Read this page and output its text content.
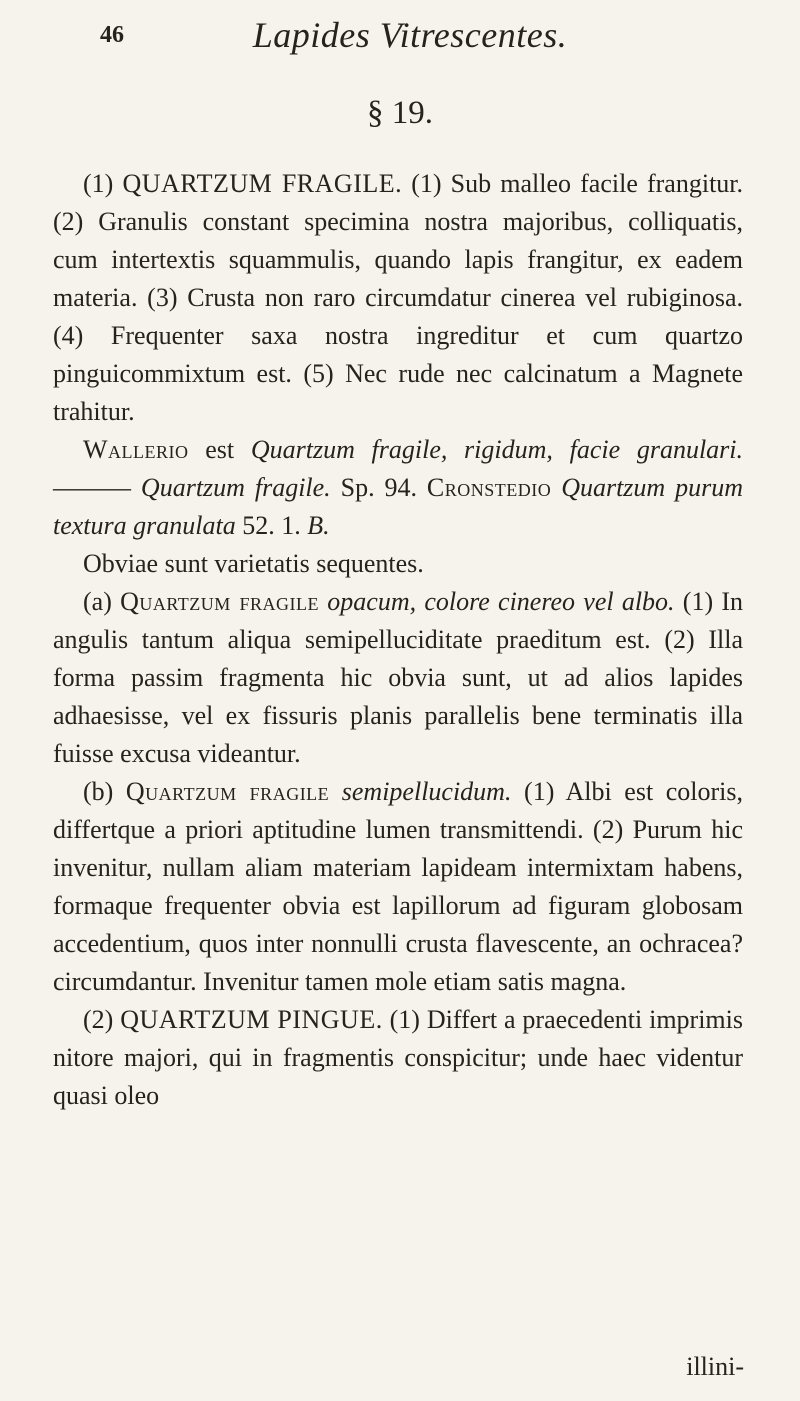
46	Lapides Vitrescentes.
§ 19.

(1) QUARTZUM FRAGILE. (1) Sub malleo facile frangitur. (2) Granulis constant specimina nostra majoribus, colliquatis, cum intertextis squammulis, quando lapis frangitur, ex eadem materia. (3) Crusta non raro circumdatur cinerea vel rubiginosa. (4) Frequenter saxa nostra ingreditur et cum quartzo pinguicommixtum est. (5) Nec rude nec calcinatum a Magnete trahitur.

Wallerio est Quartzum fragile, rigidum, facie granulari. ——— Quartzum fragile. Sp. 94. Cronstedio Quartzum purum textura granulata 52. 1. B.

Obviae sunt varietatis sequentes.

(a) Quartzum fragile opacum, colore cinereo vel albo. (1) In angulis tantum aliqua semipelluciditate praeditum est. (2) Illa forma passim fragmenta hic obvia sunt, ut ad alios lapides adhaesisse, vel ex fissuris planis parallelis bene terminatis illa fuisse excusa videantur.

(b) Quartzum fragile semipellucidum. (1) Albi est coloris, differtque a priori aptitudine lumen transmittendi. (2) Purum hic invenitur, nullam aliam materiam lapideam intermixtam habens, formaque frequenter obvia est lapillorum ad figuram globosam accedentium, quos inter nonnulli crusta flavescente, an ochracea? circumdantur. Invenitur tamen mole etiam satis magna.

(2) QUARTZUM PINGUE. (1) Differt a praecedenti imprimis nitore majori, qui in fragmentis conspicitur; unde haec videntur quasi oleo

illini-
